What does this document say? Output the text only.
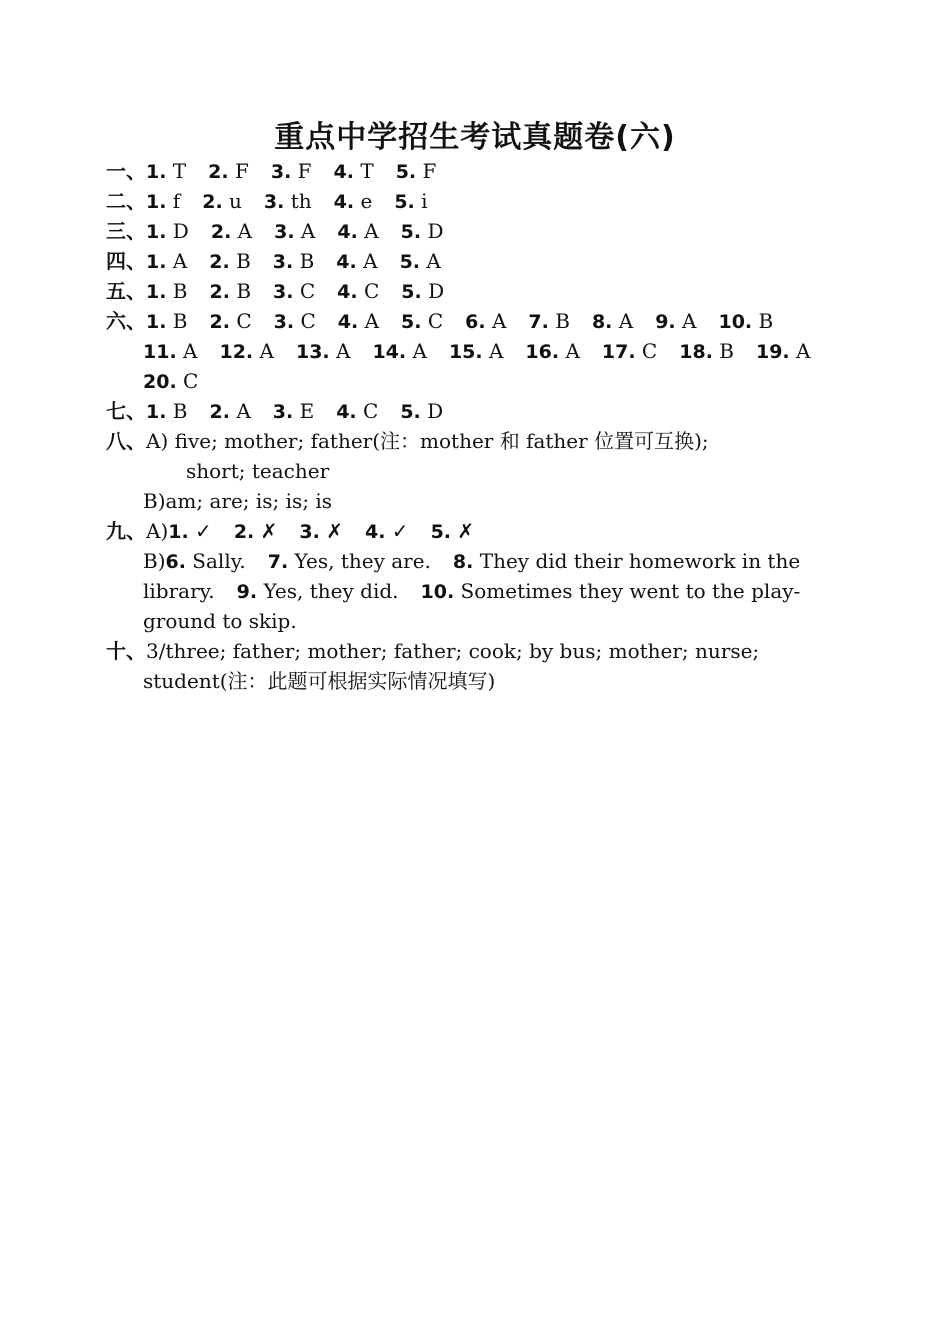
重点中学招生考试真题卷(六)
一、1. T 2. F 3. F 4. T 5. F
二、1. f 2. u 3. th 4. e 5. i
三、1. D 2. A 3. A 4. A 5. D
四、1. A 2. B 3. B 4. A 5. A
五、1. B 2. B 3. C 4. C 5. D
六、1. B 2. C 3. C 4. A 5. C 6. A 7. B 8. A 9. A 10. B
11. A 12. A 13. A 14. A 15. A 16. A 17. C 18. B 19. A
20. C
七、1. B 2. A 3. E 4. C 5. D
八、A) five; mother; father(注：mother 和 father 位置可互换);
short; teacher
B)am; are; is; is; is
九、A)1. ✓ 2. ✗ 3. ✗ 4. ✓ 5. ✗
B)6. Sally. 7. Yes, they are. 8. They did their homework in the
library. 9. Yes, they did. 10. Sometimes they went to the play-
ground to skip.
十、3/three; father; mother; father; cook; by bus; mother; nurse;
student(注：此题可根据实际情况填写)
